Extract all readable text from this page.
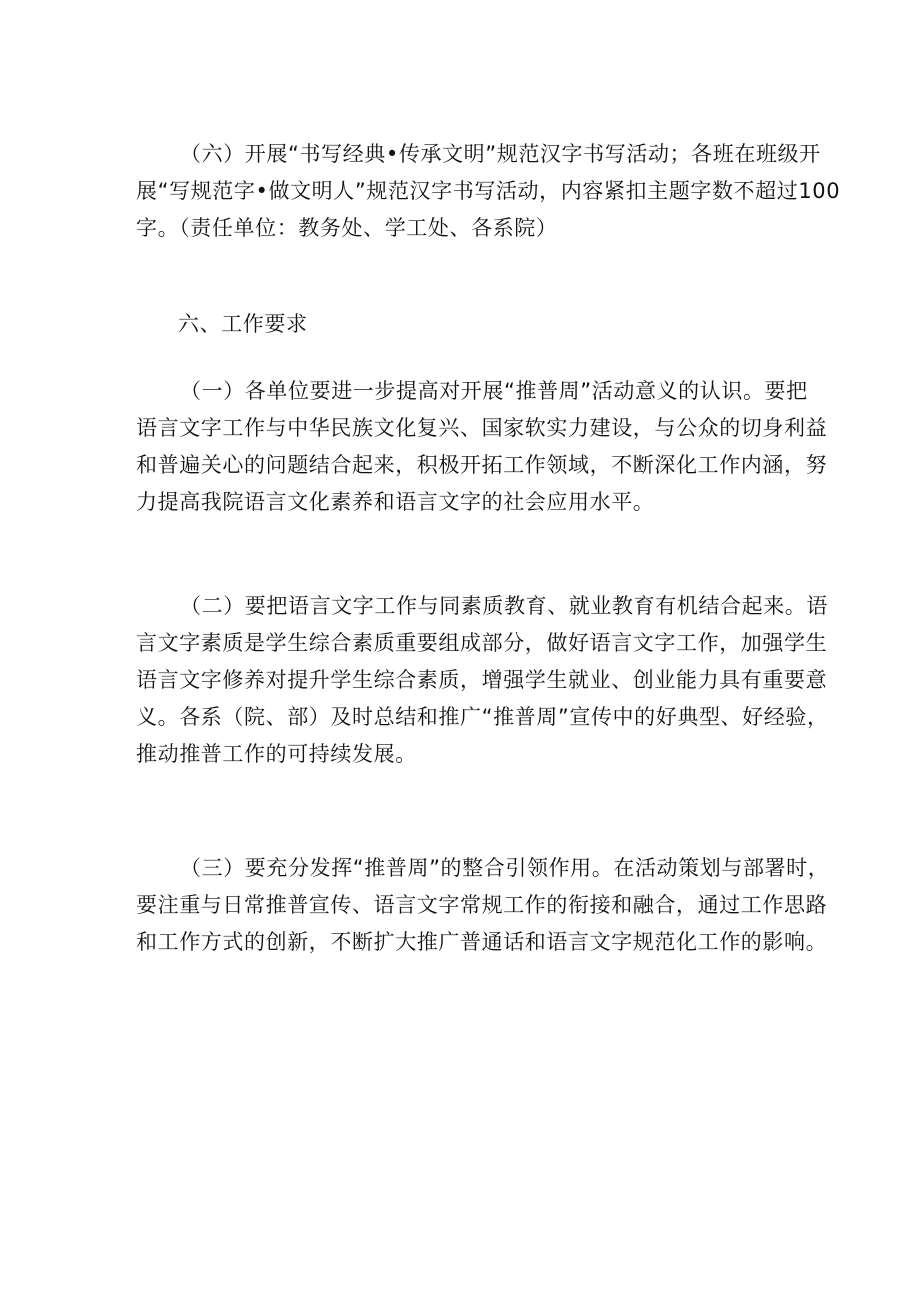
（六）开展“书写经典•传承文明”规范汉字书写活动；各班在班级开
展“写规范字•做文明人”规范汉字书写活动，内容紧扣主题字数不超过100
字。（责任单位：教务处、学工处、各系院）
六、工作要求
（一）各单位要进一步提高对开展“推普周”活动意义的认识。要把
语言文字工作与中华民族文化复兴、国家软实力建设，与公众的切身利益
和普遍关心的问题结合起来，积极开拓工作领域，不断深化工作内涵，努
力提高我院语言文化素养和语言文字的社会应用水平。
（二）要把语言文字工作与同素质教育、就业教育有机结合起来。语
言文字素质是学生综合素质重要组成部分，做好语言文字工作，加强学生
语言文字修养对提升学生综合素质，增强学生就业、创业能力具有重要意
义。各系（院、部）及时总结和推广“推普周”宣传中的好典型、好经验，
推动推普工作的可持续发展。
（三）要充分发挥“推普周”的整合引领作用。在活动策划与部署时，
要注重与日常推普宣传、语言文字常规工作的衔接和融合，通过工作思路
和工作方式的创新，不断扩大推广普通话和语言文字规范化工作的影响。
